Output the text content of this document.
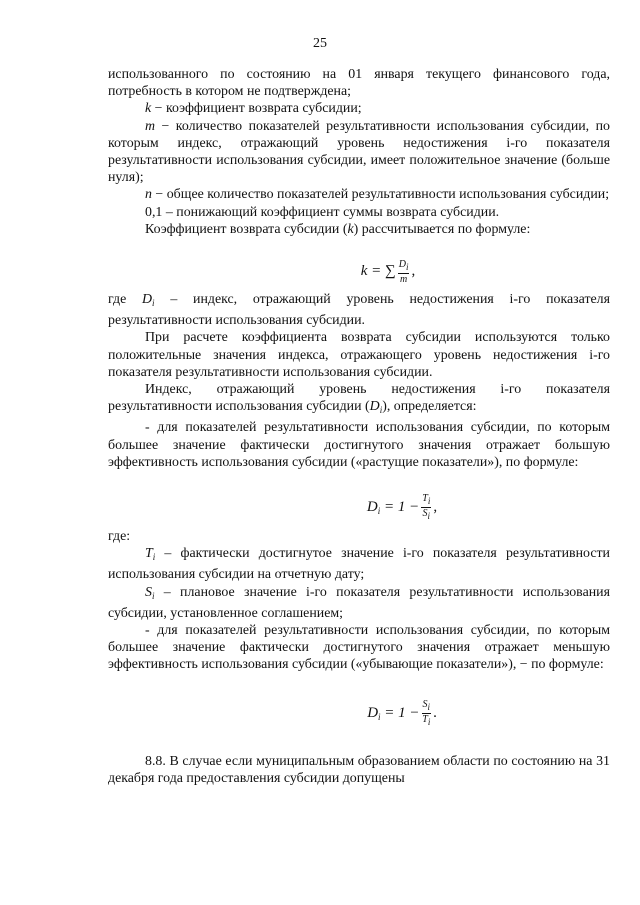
25

использованного по состоянию на 01 января текущего финансового года, потребность в котором не подтверждена;

k − коэффициент возврата субсидии;

m − количество показателей результативности использования субсидии, по которым индекс, отражающий уровень недостижения i-го показателя результативности использования субсидии, имеет положительное значение (больше нуля);

n − общее количество показателей результативности использования субсидии;

0,1 – понижающий коэффициент суммы возврата субсидии.

Коэффициент возврата субсидии (k) рассчитывается по формуле:

k = ∑ $\frac{Di}{m}$ ,

где $D_i$ – индекс, отражающий уровень недостижения i-го показателя результативности использования субсидии.

При расчете коэффициента возврата субсидии используются только положительные значения индекса, отражающего уровень недостижения i-го показателя результативности использования субсидии.

Индекс, отражающий уровень недостижения i-го показателя результативности использования субсидии $(D_i)$, определяется:

- для показателей результативности использования субсидии, по которым большее значение фактически достигнутого значения отражает большую эффективность использования субсидии («растущие показатели»), по формуле:

$D_i = 1 - \frac{Ti}{Si}$ ,

где:

$T_i$ – фактически достигнутое значение i-го показателя результативности использования субсидии на отчетную дату;

$S_i$ – плановое значение i-го показателя результативности использования субсидии, установленное соглашением;

- для показателей результативности использования субсидии, по которым большее значение фактически достигнутого значения отражает меньшую эффективность использования субсидии («убывающие показатели»), − по формуле:

$D_i = 1 - \frac{Si}{Ti}$ .

8.8. В случае если муниципальным образованием области по состоянию на 31 декабря года предоставления субсидии допущены
